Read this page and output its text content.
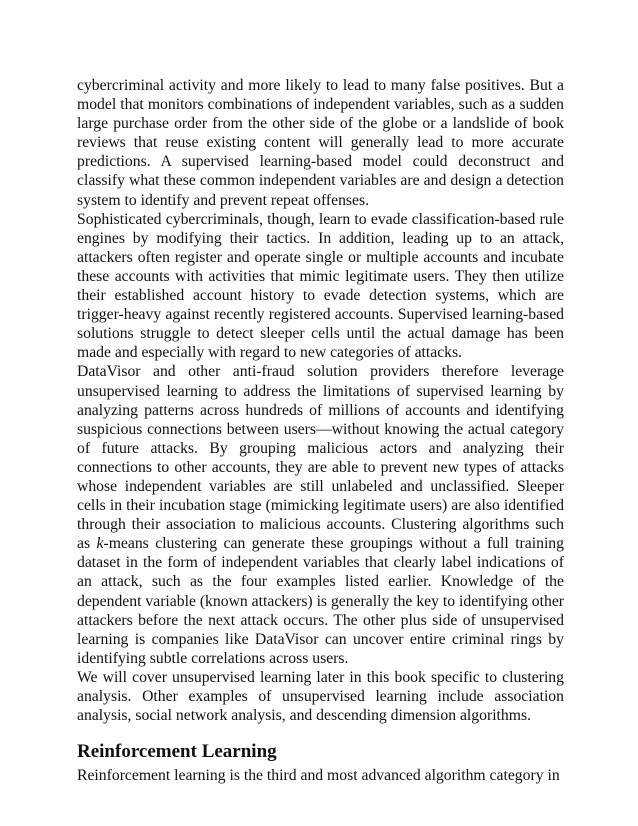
cybercriminal activity and more likely to lead to many false positives. But a model that monitors combinations of independent variables, such as a sudden large purchase order from the other side of the globe or a landslide of book reviews that reuse existing content will generally lead to more accurate predictions. A supervised learning-based model could deconstruct and classify what these common independent variables are and design a detection system to identify and prevent repeat offenses.

Sophisticated cybercriminals, though, learn to evade classification-based rule engines by modifying their tactics. In addition, leading up to an attack, attackers often register and operate single or multiple accounts and incubate these accounts with activities that mimic legitimate users. They then utilize their established account history to evade detection systems, which are trigger-heavy against recently registered accounts. Supervised learning-based solutions struggle to detect sleeper cells until the actual damage has been made and especially with regard to new categories of attacks.

DataVisor and other anti-fraud solution providers therefore leverage unsupervised learning to address the limitations of supervised learning by analyzing patterns across hundreds of millions of accounts and identifying suspicious connections between users—without knowing the actual category of future attacks. By grouping malicious actors and analyzing their connections to other accounts, they are able to prevent new types of attacks whose independent variables are still unlabeled and unclassified. Sleeper cells in their incubation stage (mimicking legitimate users) are also identified through their association to malicious accounts. Clustering algorithms such as k-means clustering can generate these groupings without a full training dataset in the form of independent variables that clearly label indications of an attack, such as the four examples listed earlier. Knowledge of the dependent variable (known attackers) is generally the key to identifying other attackers before the next attack occurs. The other plus side of unsupervised learning is companies like DataVisor can uncover entire criminal rings by identifying subtle correlations across users.

We will cover unsupervised learning later in this book specific to clustering analysis. Other examples of unsupervised learning include association analysis, social network analysis, and descending dimension algorithms.

Reinforcement Learning

Reinforcement learning is the third and most advanced algorithm category in
